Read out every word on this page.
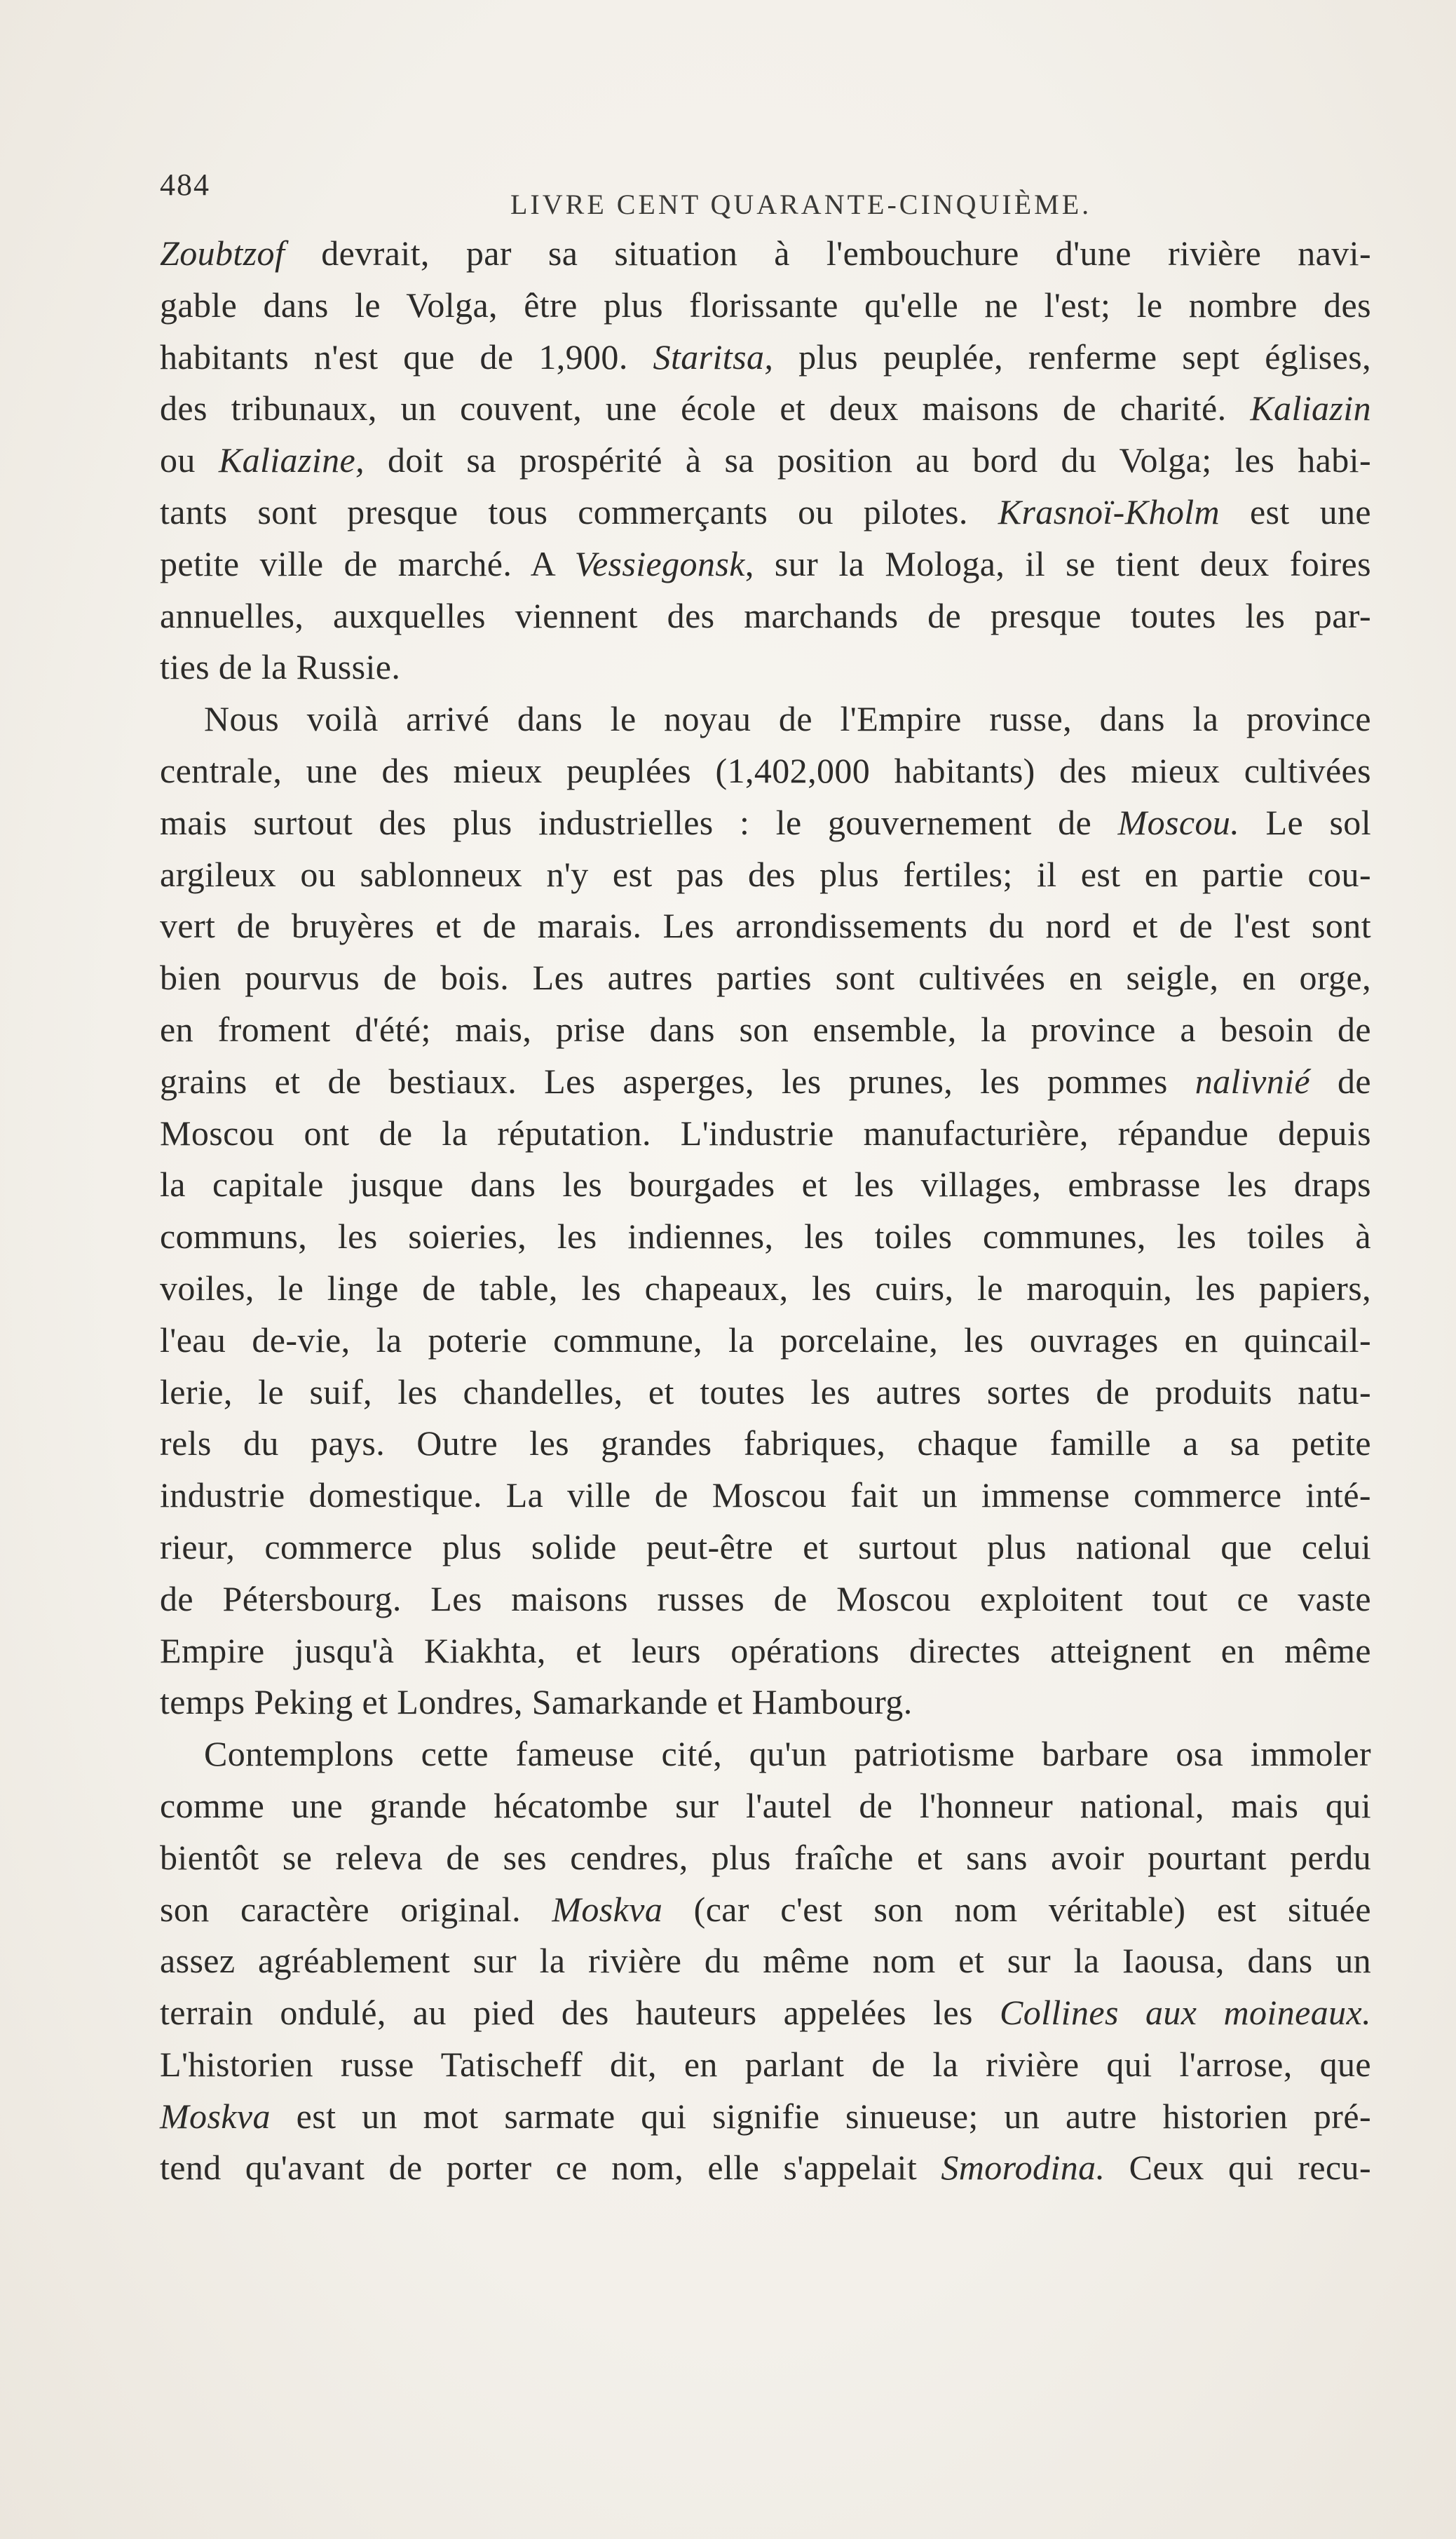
484
LIVRE CENT QUARANTE-CINQUIÈME.
Zoubtzof devrait, par sa situation à l'embouchure d'une rivière navi-
gable dans le Volga, être plus florissante qu'elle ne l'est; le nombre des
habitants n'est que de 1,900. Staritsa, plus peuplée, renferme sept églises,
des tribunaux, un couvent, une école et deux maisons de charité. Kaliazin
ou Kaliazine, doit sa prospérité à sa position au bord du Volga; les habi-
tants sont presque tous commerçants ou pilotes. Krasnoï-Kholm est une
petite ville de marché. A Vessiegonsk, sur la Mologa, il se tient deux foires
annuelles, auxquelles viennent des marchands de presque toutes les par-
ties de la Russie.
Nous voilà arrivé dans le noyau de l'Empire russe, dans la province
centrale, une des mieux peuplées (1,402,000 habitants) des mieux cultivées
mais surtout des plus industrielles : le gouvernement de Moscou. Le sol
argileux ou sablonneux n'y est pas des plus fertiles; il est en partie cou-
vert de bruyères et de marais. Les arrondissements du nord et de l'est sont
bien pourvus de bois. Les autres parties sont cultivées en seigle, en orge,
en froment d'été; mais, prise dans son ensemble, la province a besoin de
grains et de bestiaux. Les asperges, les prunes, les pommes nalivnié de
Moscou ont de la réputation. L'industrie manufacturière, répandue depuis
la capitale jusque dans les bourgades et les villages, embrasse les draps
communs, les soieries, les indiennes, les toiles communes, les toiles à
voiles, le linge de table, les chapeaux, les cuirs, le maroquin, les papiers,
l'eau de-vie, la poterie commune, la porcelaine, les ouvrages en quincail-
lerie, le suif, les chandelles, et toutes les autres sortes de produits natu-
rels du pays. Outre les grandes fabriques, chaque famille a sa petite
industrie domestique. La ville de Moscou fait un immense commerce inté-
rieur, commerce plus solide peut-être et surtout plus national que celui
de Pétersbourg. Les maisons russes de Moscou exploitent tout ce vaste
Empire jusqu'à Kiakhta, et leurs opérations directes atteignent en même
temps Peking et Londres, Samarkande et Hambourg.
Contemplons cette fameuse cité, qu'un patriotisme barbare osa immoler
comme une grande hécatombe sur l'autel de l'honneur national, mais qui
bientôt se releva de ses cendres, plus fraîche et sans avoir pourtant perdu
son caractère original. Moskva (car c'est son nom véritable) est située
assez agréablement sur la rivière du même nom et sur la Iaousa, dans un
terrain ondulé, au pied des hauteurs appelées les Collines aux moineaux.
L'historien russe Tatischeff dit, en parlant de la rivière qui l'arrose, que
Moskva est un mot sarmate qui signifie sinueuse; un autre historien pré-
tend qu'avant de porter ce nom, elle s'appelait Smorodina. Ceux qui recu-
